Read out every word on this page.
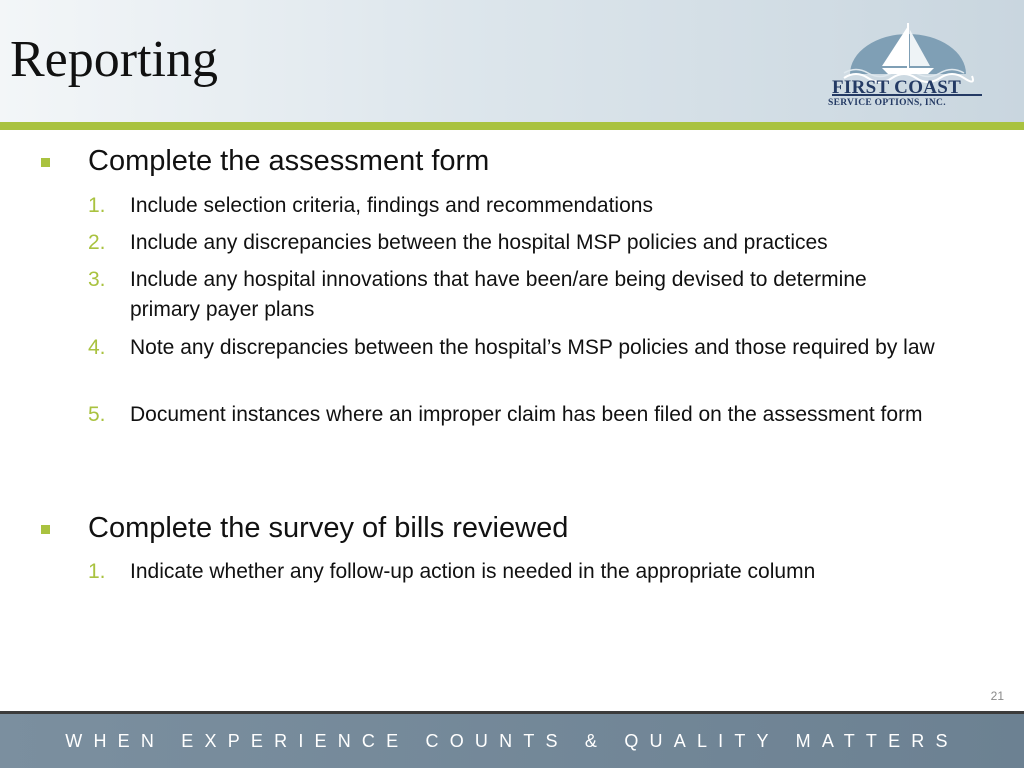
Reporting	FIRST COAST
SERVICE OPTIONS, INC.
Complete the assessment form
1. Include selection criteria, findings and recommendations
2. Include any discrepancies between the hospital MSP policies and practices
3. Include any hospital innovations that have been/are being devised to determine primary payer plans
4. Note any discrepancies between the hospital’s MSP policies and those required by law
5. Document instances where an improper claim has been filed on the assessment form
Complete the survey of bills reviewed
1. Indicate whether any follow-up action is needed in the appropriate column
21
WHEN EXPERIENCE COUNTS & QUALITY MATTERS
